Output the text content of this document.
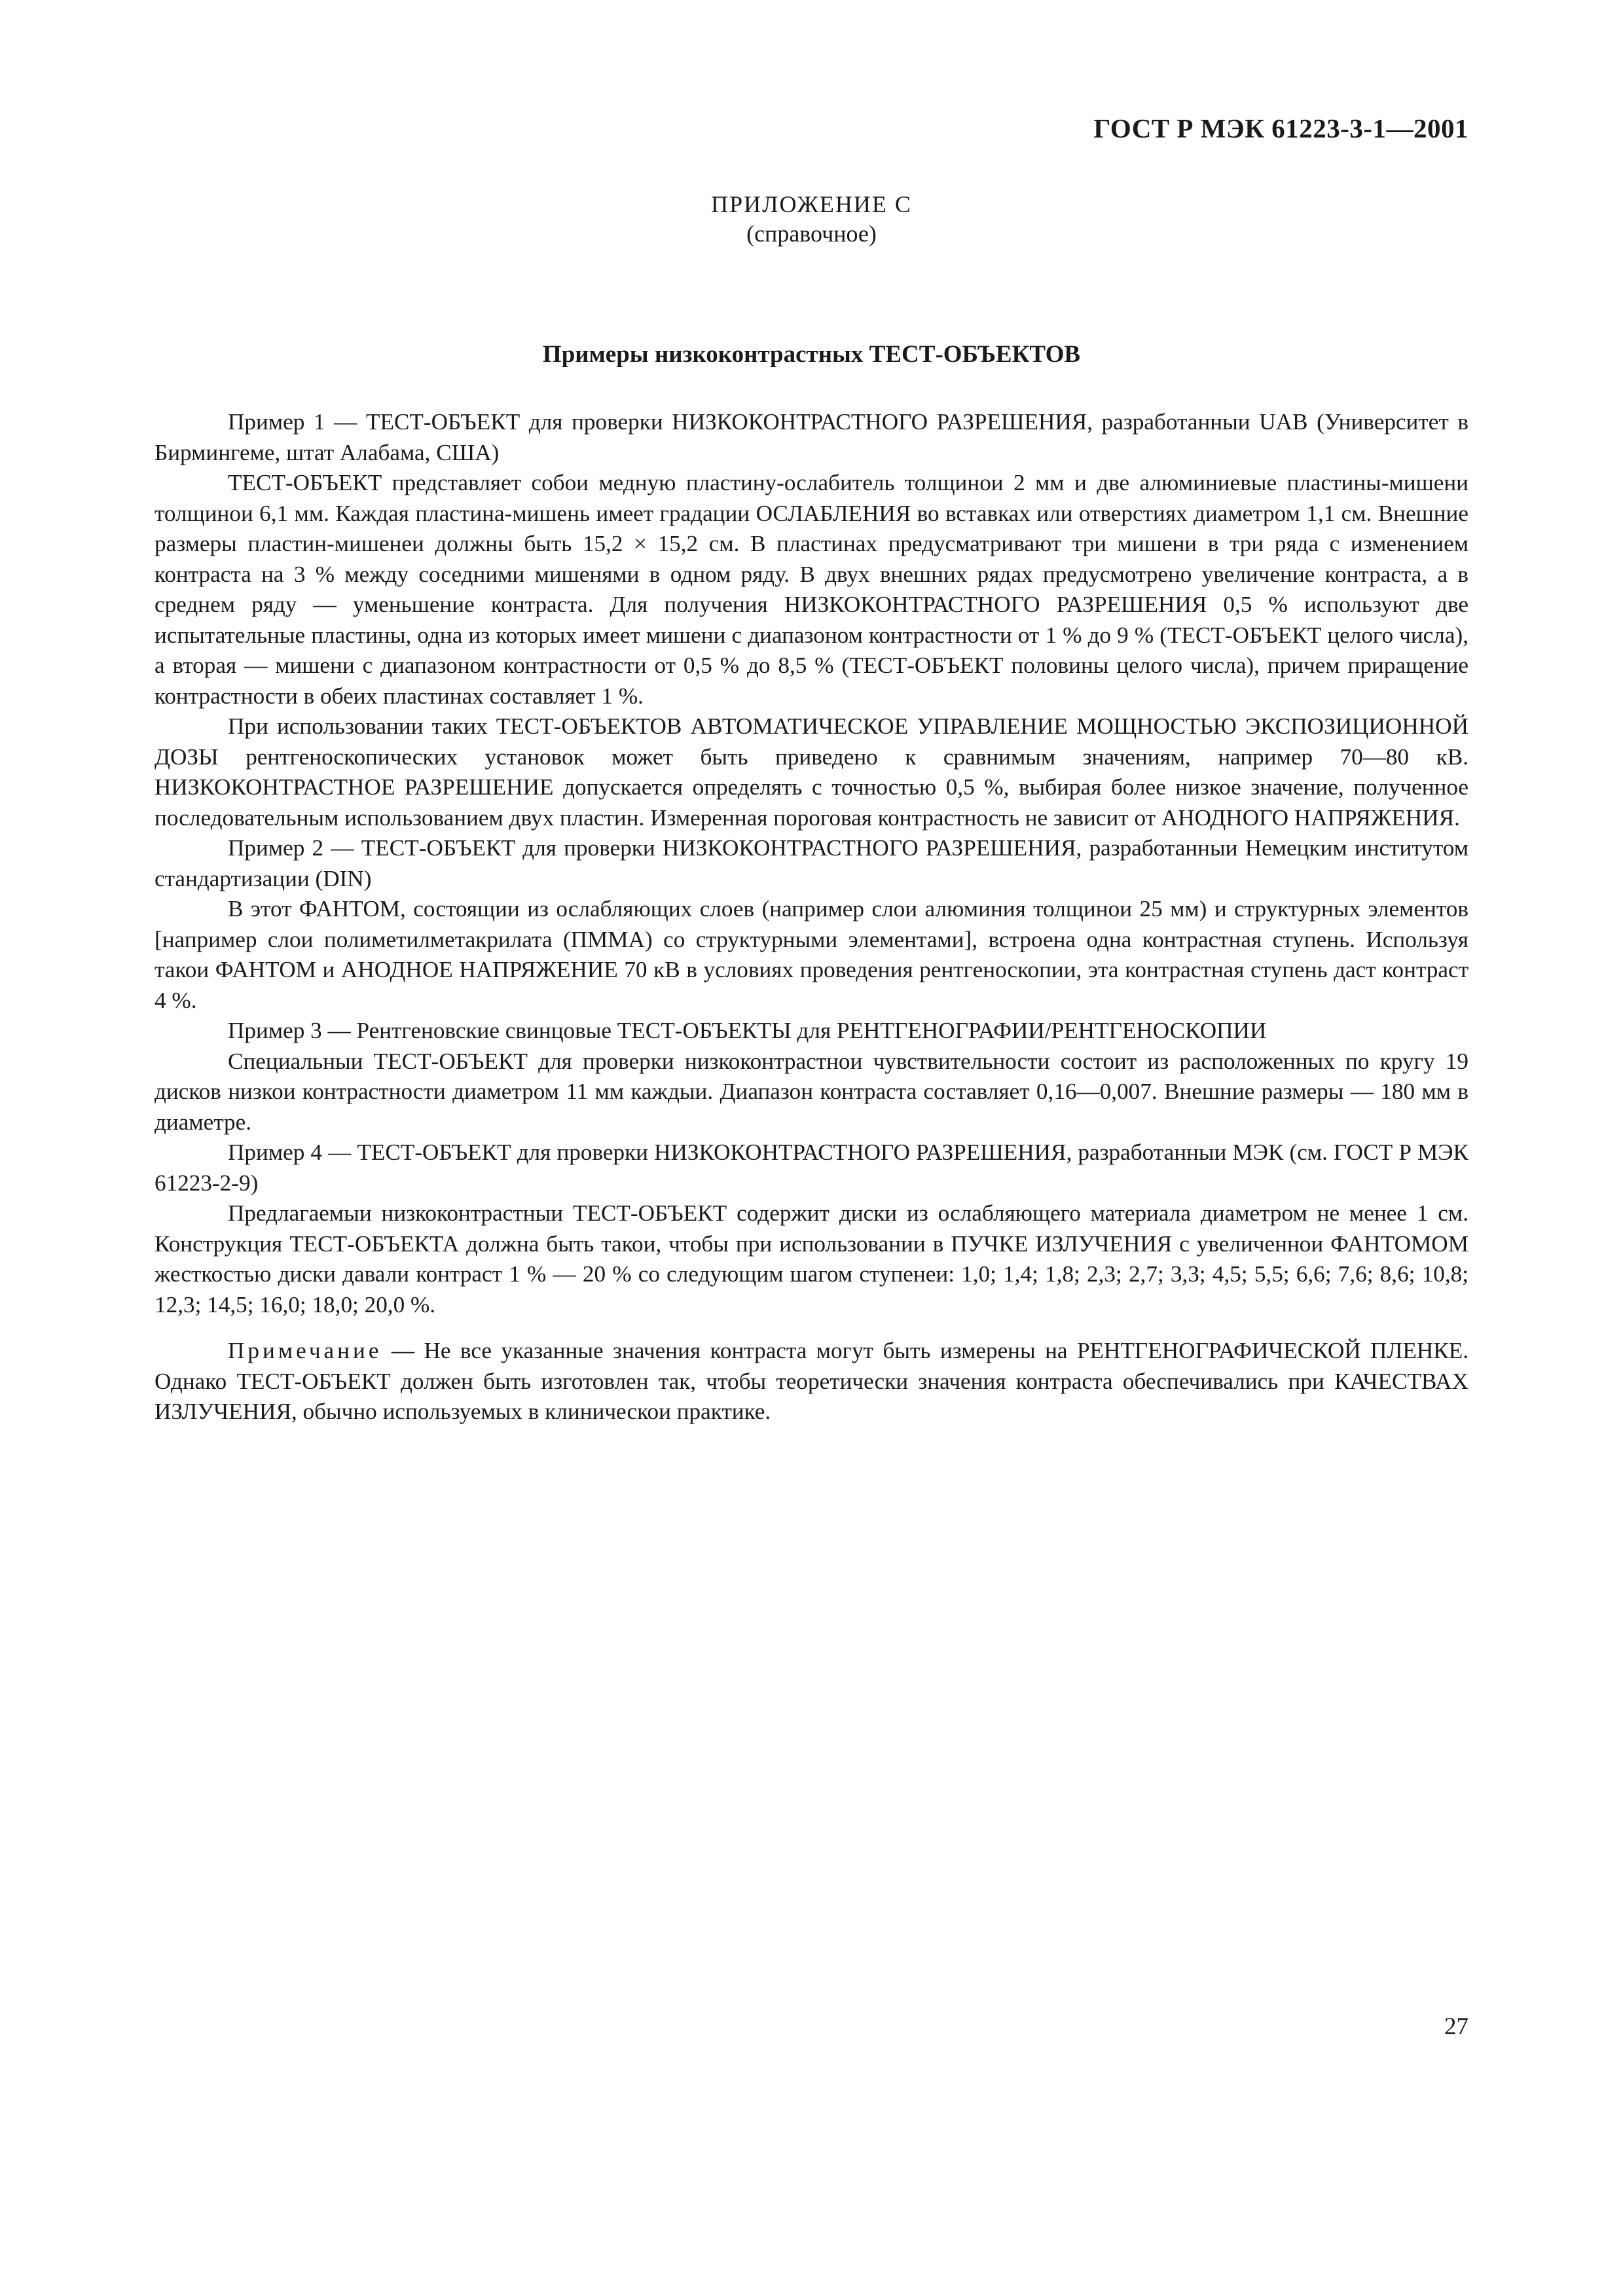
ГОСТ Р МЭК 61223-3-1—2001
ПРИЛОЖЕНИЕ С
(справочное)
Примеры низкоконтрастных ТЕСТ-ОБЪЕКТОВ

Пример 1 — ТЕСТ-ОБЪЕКТ для проверки НИЗКОКОНТРАСТНОГО РАЗРЕШЕНИЯ, разработанныи UAB (Университет в Бирмингеме, штат Алабама, США)

ТЕСТ-ОБЪЕКТ представляет собои медную пластину-ослабитель толщинои 2 мм и две алюминиевые пластины-мишени толщинои 6,1 мм. Каждая пластина-мишень имеет градации ОСЛАБЛЕНИЯ во вставках или отверстиях диаметром 1,1 см. Внешние размеры пластин-мишенеи должны быть 15,2 × 15,2 см. В пластинах предусматривают три мишени в три ряда с изменением контраста на 3 % между соседними мишенями в одном ряду. В двух внешних рядах предусмотрено увеличение контраста, а в среднем ряду — уменьшение контраста. Для получения НИЗКОКОНТРАСТНОГО РАЗРЕШЕНИЯ 0,5 % используют две испытательные пластины, одна из которых имеет мишени с диапазоном контрастности от 1 % до 9 % (ТЕСТ-ОБЪЕКТ целого числа), а вторая — мишени с диапазоном контрастности от 0,5 % до 8,5 % (ТЕСТ-ОБЪЕКТ половины целого числа), причем приращение контрастности в обеих пластинах составляет 1 %.

При использовании таких ТЕСТ-ОБЪЕКТОВ АВТОМАТИЧЕСКОЕ УПРАВЛЕНИЕ МОЩНОСТЬЮ ЭКСПОЗИЦИОННОЙ ДОЗЫ рентгеноскопических установок может быть приведено к сравнимым значениям, например 70—80 кВ. НИЗКОКОНТРАСТНОЕ РАЗРЕШЕНИЕ допускается определять с точностью 0,5 %, выбирая более низкое значение, полученное последовательным использованием двух пластин. Измеренная пороговая контрастность не зависит от АНОДНОГО НАПРЯЖЕНИЯ.

Пример 2 — ТЕСТ-ОБЪЕКТ для проверки НИЗКОКОНТРАСТНОГО РАЗРЕШЕНИЯ, разработанныи Немецким институтом стандартизации (DIN)

В этот ФАНТОМ, состоящии из ослабляющих слоев (например слои алюминия толщинои 25 мм) и структурных элементов [например слои полиметилметакрилата (ПММА) со структурными элементами], встроена одна контрастная ступень. Используя такои ФАНТОМ и АНОДНОЕ НАПРЯЖЕНИЕ 70 кВ в условиях проведения рентгеноскопии, эта контрастная ступень даст контраст 4 %.

Пример 3 — Рентгеновские свинцовые ТЕСТ-ОБЪЕКТЫ для РЕНТГЕНОГРАФИИ/РЕНТГЕНОСКОПИИ

Специальныи ТЕСТ-ОБЪЕКТ для проверки низкоконтрастнои чувствительности состоит из расположенных по кругу 19 дисков низкои контрастности диаметром 11 мм каждыи. Диапазон контраста составляет 0,16—0,007. Внешние размеры — 180 мм в диаметре.

Пример 4 — ТЕСТ-ОБЪЕКТ для проверки НИЗКОКОНТРАСТНОГО РАЗРЕШЕНИЯ, разработанныи МЭК (см. ГОСТ Р МЭК 61223-2-9)

Предлагаемыи низкоконтрастныи ТЕСТ-ОБЪЕКТ содержит диски из ослабляющего материала диаметром не менее 1 см. Конструкция ТЕСТ-ОБЪЕКТА должна быть такои, чтобы при использовании в ПУЧКЕ ИЗЛУЧЕНИЯ с увеличеннои ФАНТОМОМ жесткостью диски давали контраст 1 % — 20 % со следующим шагом ступенеи: 1,0; 1,4; 1,8; 2,3; 2,7; 3,3; 4,5; 5,5; 6,6; 7,6; 8,6; 10,8; 12,3; 14,5; 16,0; 18,0; 20,0 %.

Примечание — Не все указанные значения контраста могут быть измерены на РЕНТГЕНОГРАФИЧЕСКОЙ ПЛЕНКЕ. Однако ТЕСТ-ОБЪЕКТ должен быть изготовлен так, чтобы теоретически значения контраста обеспечивались при КАЧЕСТВАХ ИЗЛУЧЕНИЯ, обычно используемых в клиническои практике.

27
